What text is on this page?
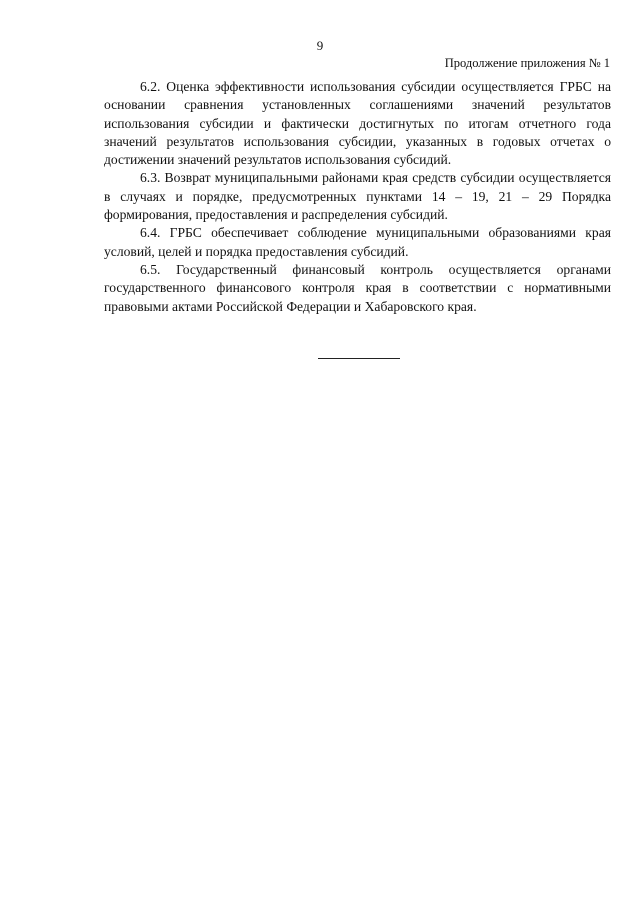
9
Продолжение приложения № 1

6.2. Оценка эффективности использования субсидии осуществляется ГРБС на основании сравнения установленных соглашениями значений результатов использования субсидии и фактически достигнутых по итогам отчетного года значений результатов использования субсидии, указанных в годовых отчетах о достижении значений результатов использования субсидий.

6.3. Возврат муниципальными районами края средств субсидии осуществляется в случаях и порядке, предусмотренных пунктами 14 – 19, 21 – 29 Порядка формирования, предоставления и распределения субсидий.

6.4. ГРБС обеспечивает соблюдение муниципальными образованиями края условий, целей и порядка предоставления субсидий.

6.5. Государственный финансовый контроль осуществляется органами государственного финансового контроля края в соответствии с нормативными правовыми актами Российской Федерации и Хабаровского края.
